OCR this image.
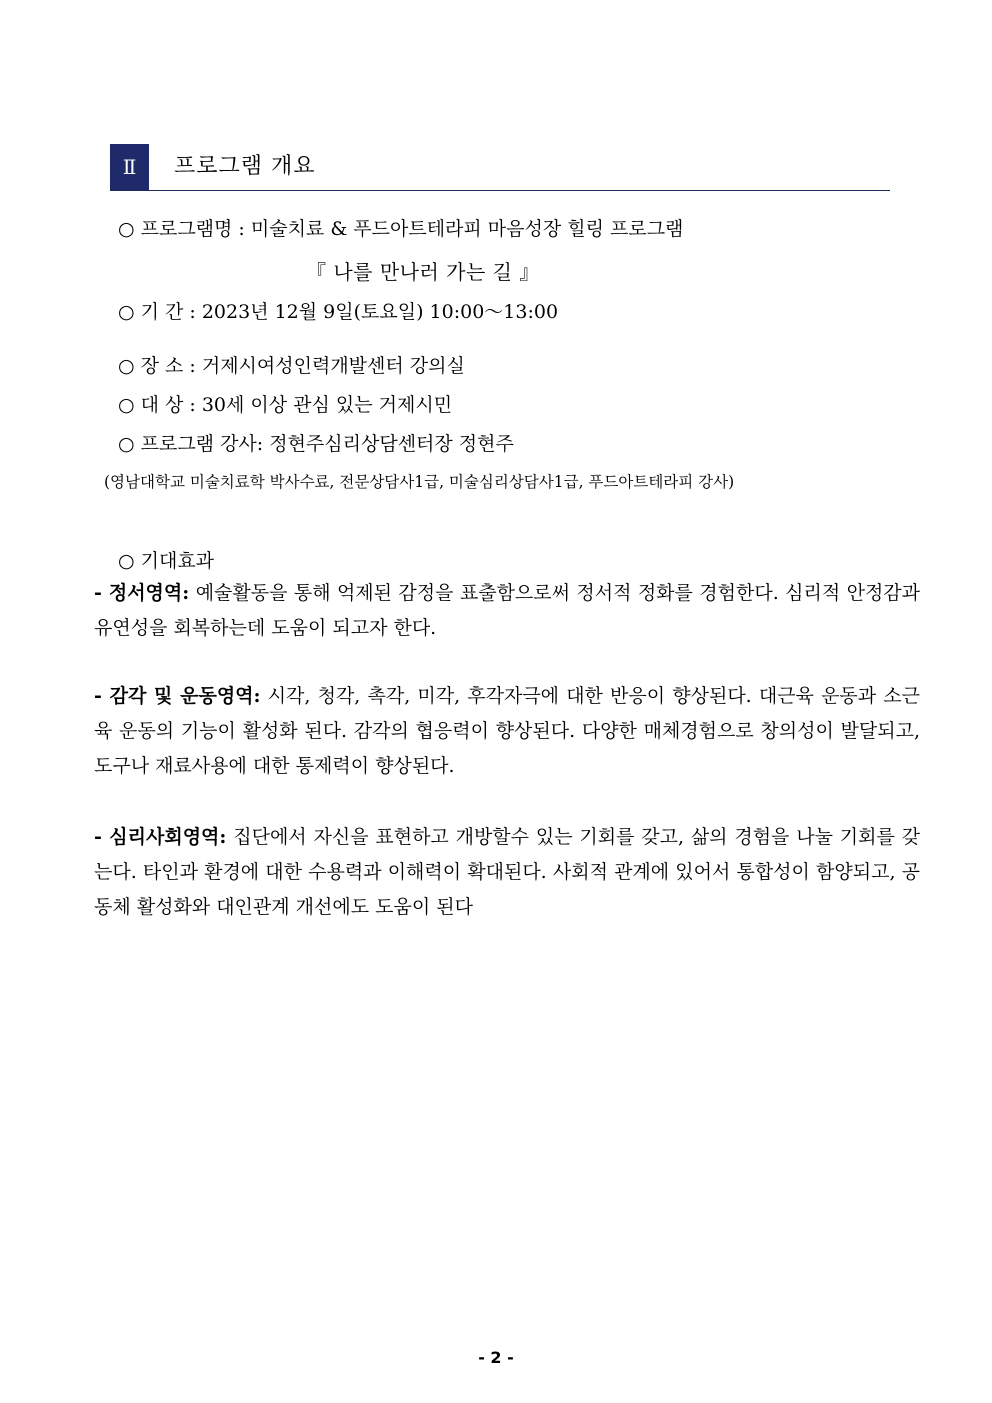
Ⅱ	프로그램 개요
○ 프로그램명 : 미술치료 & 푸드아트테라피 마음성장 힐링 프로그램
『 나를 만나러 가는 길 』
○ 기 간 : 2023년 12월 9일(토요일) 10:00～13:00
○ 장 소 : 거제시여성인력개발센터 강의실
○ 대 상 : 30세 이상 관심 있는 거제시민
○ 프로그램 강사: 정현주심리상담센터장 정현주
(영남대학교 미술치료학 박사수료, 전문상담사1급, 미술심리상담사1급, 푸드아트테라피 강사)
○ 기대효과
- 정서영역: 예술활동을 통해 억제된 감정을 표출함으로써 정서적 정화를 경험한다. 심리적 안정감과 유연성을 회복하는데 도움이 되고자 한다.
- 감각 및 운동영역: 시각, 청각, 촉각, 미각, 후각자극에 대한 반응이 향상된다. 대근육 운동과 소근육 운동의 기능이 활성화 된다. 감각의 협응력이 향상된다. 다양한 매체경험으로 창의성이 발달되고, 도구나 재료사용에 대한 통제력이 향상된다.
- 심리사회영역: 집단에서 자신을 표현하고 개방할수 있는 기회를 갖고, 삶의 경험을 나눌 기회를 갖는다. 타인과 환경에 대한 수용력과 이해력이 확대된다. 사회적 관계에 있어서 통합성이 함양되고, 공동체 활성화와 대인관계 개선에도 도움이 된다
- 2 -
